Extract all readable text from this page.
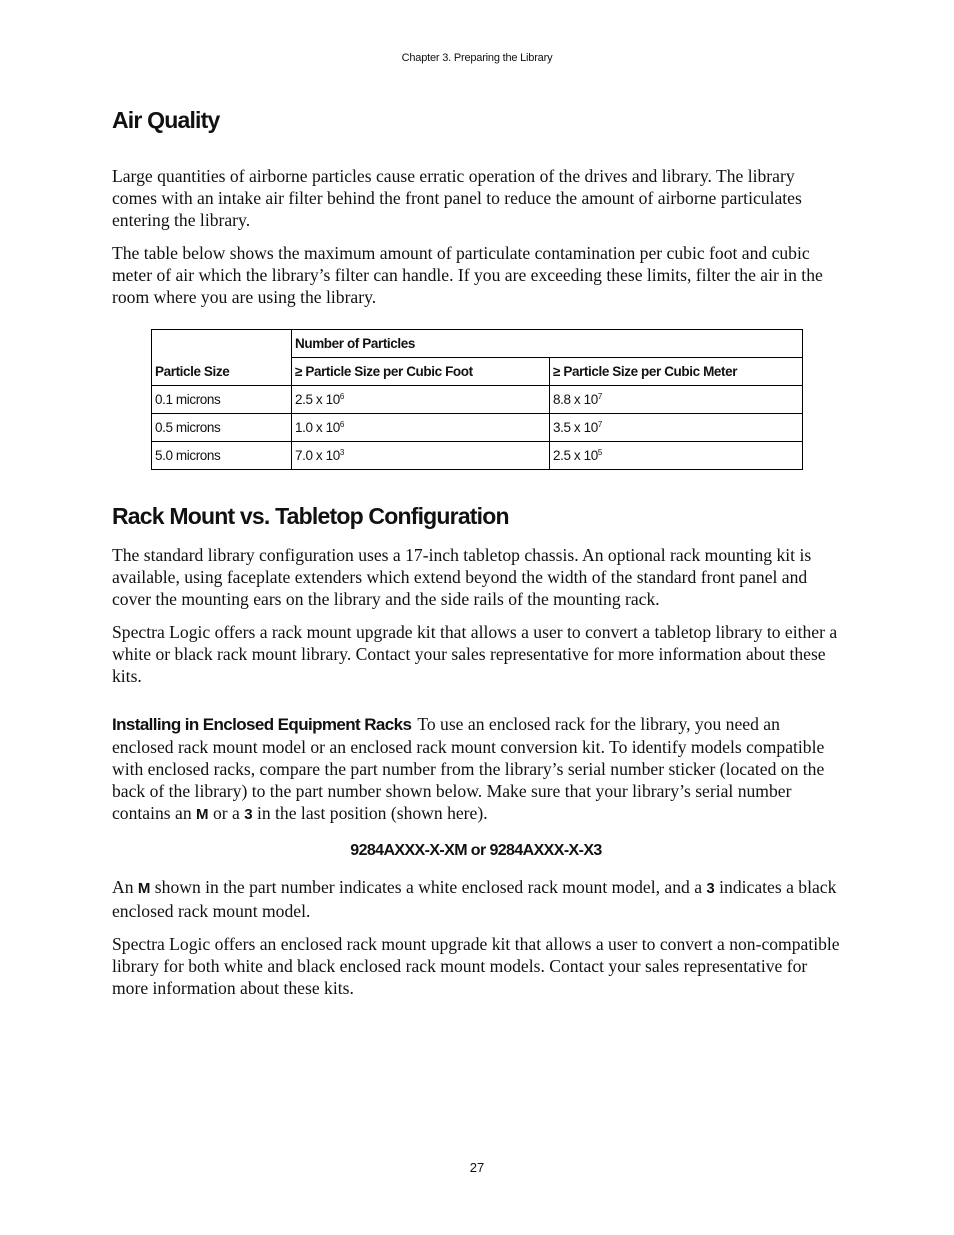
Chapter 3. Preparing the Library
Air Quality

Large quantities of airborne particles cause erratic operation of the drives and library. The library comes with an intake air filter behind the front panel to reduce the amount of airborne particulates entering the library.

The table below shows the maximum amount of particulate contamination per cubic foot and cubic meter of air which the library’s filter can handle. If you are exceeding these limits, filter the air in the room where you are using the library.

Particle Size	Number of Particles	
	≥ Particle Size per Cubic Foot	≥ Particle Size per Cubic Meter
0.1 microns	2.5 x $10^6$	8.8 x $10^7$
0.5 microns	1.0 x $10^6$	3.5 x $10^7$
5.0 microns	7.0 x $10^3$	2.5 x $10^5$
Rack Mount vs. Tabletop Configuration

The standard library configuration uses a 17-inch tabletop chassis. An optional rack mounting kit is available, using faceplate extenders which extend beyond the width of the standard front panel and cover the mounting ears on the library and the side rails of the mounting rack.

Spectra Logic offers a rack mount upgrade kit that allows a user to convert a tabletop library to either a white or black rack mount library. Contact your sales representative for more information about these kits.

Installing in Enclosed Equipment Racks To use an enclosed rack for the library, you need an enclosed rack mount model or an enclosed rack mount conversion kit. To identify models compatible with enclosed racks, compare the part number from the library’s serial number sticker (located on the back of the library) to the part number shown below. Make sure that your library’s serial number contains an M or a 3 in the last position (shown here).

9284AXXX-X-XM or 9284AXXX-X-X3

An M shown in the part number indicates a white enclosed rack mount model, and a 3 indicates a black enclosed rack mount model.

Spectra Logic offers an enclosed rack mount upgrade kit that allows a user to convert a non-compatible library for both white and black enclosed rack mount models. Contact your sales representative for more information about these kits.

27
